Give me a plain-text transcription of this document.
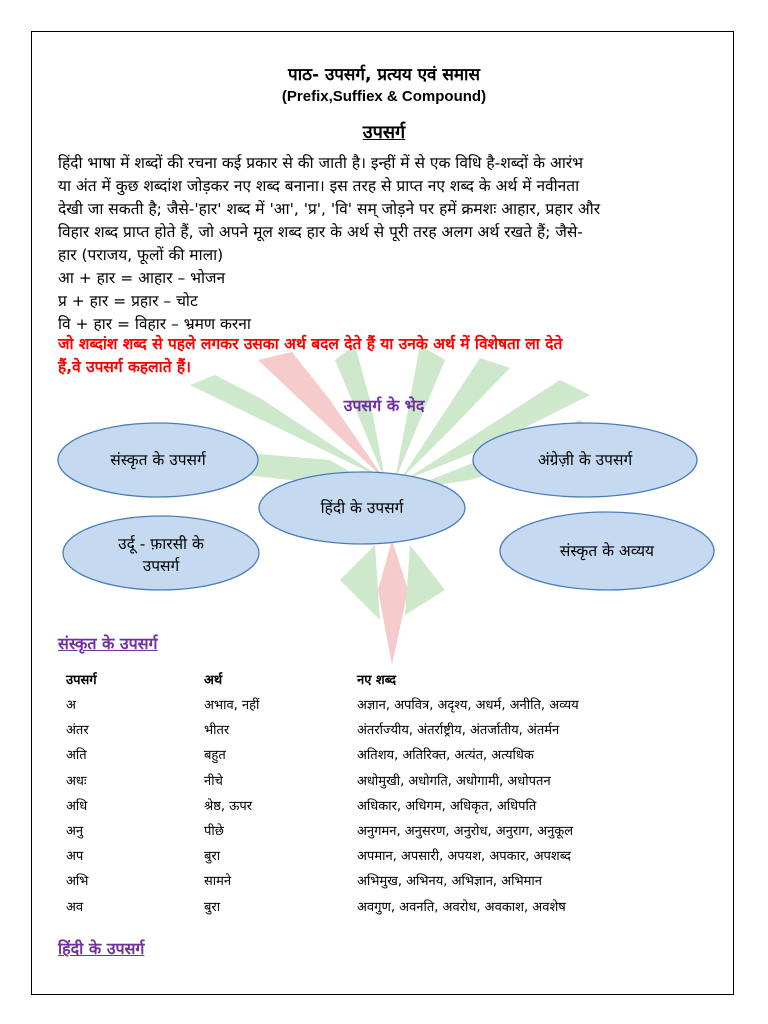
पाठ- उपसर्ग, प्रत्यय एवं समास
(Prefix,Suffiex & Compound)
उपसर्ग
हिंदी भाषा में शब्दों की रचना कई प्रकार से की जाती है। इन्हीं में से एक विधि है-शब्दों के आरंभ
या अंत में कुछ शब्दांश जोड़कर नए शब्द बनाना। इस तरह से प्राप्त नए शब्द के अर्थ में नवीनता
देखी जा सकती है; जैसे-'हार' शब्द में 'आ', 'प्र', 'वि' सम् जोड़ने पर हमें क्रमशः आहार, प्रहार और
विहार शब्द प्राप्त होते हैं, जो अपने मूल शब्द हार के अर्थ से पूरी तरह अलग अर्थ रखते हैं; जैसे-
हार (पराजय, फूलों की माला)
आ + हार = आहार – भोजन
प्र + हार = प्रहार – चोट
वि + हार = विहार – भ्रमण करना
जो शब्दांश शब्द से पहले लगकर उसका अर्थ बदल देते हैं या उनके अर्थ में विशेषता ला देते
हैं,वे उपसर्ग कहलाते हैं।
उपसर्ग के भेद
संस्कृत के उपसर्ग	अंग्रेज़ी के उपसर्ग
हिंदी के उपसर्ग
उर्दू - फ़ारसी के
उपसर्ग
संस्कृत के अव्यय
संस्कृत के उपसर्ग
उपसर्ग	अर्थ	नए शब्द
अ	अभाव, नहीं	अज्ञान, अपवित्र, अदृश्य, अधर्म, अनीति, अव्यय
अंतर	भीतर	अंतर्राज्यीय, अंतर्राष्ट्रीय, अंतर्जातीय, अंतर्मन
अति	बहुत	अतिशय, अतिरिक्त, अत्यंत, अत्यधिक
अधः	नीचे	अधोमुखी, अधोगति, अधोगामी, अधोपतन
अधि	श्रेष्ठ, ऊपर	अधिकार, अधिगम, अधिकृत, अधिपति
अनु	पीछे	अनुगमन, अनुसरण, अनुरोध, अनुराग, अनुकूल
अप	बुरा	अपमान, अपसारी, अपयश, अपकार, अपशब्द
अभि	सामने	अभिमुख, अभिनय, अभिज्ञान, अभिमान
अव	बुरा	अवगुण, अवनति, अवरोध, अवकाश, अवशेष
हिंदी के उपसर्ग
